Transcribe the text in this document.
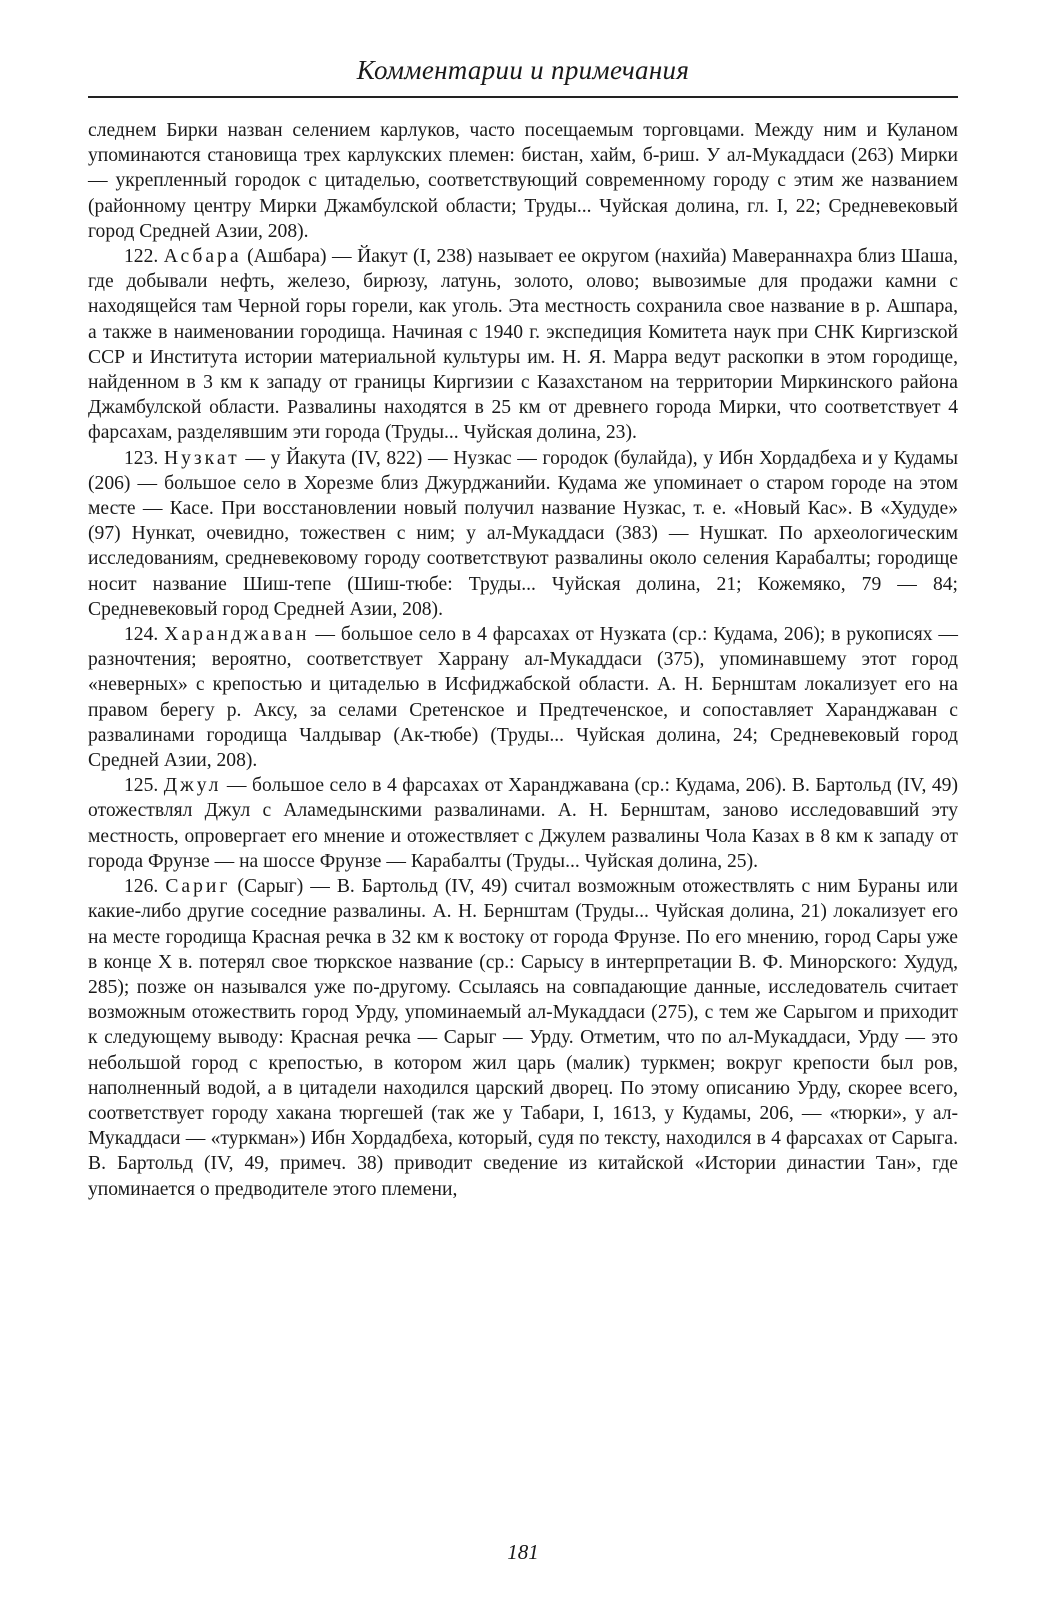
Комментарии и примечания

следнем Бирки назван селением карлуков, часто посещаемым торговцами. Между ним и Куланом упоминаются становища трех карлукских племен: бистан, хайм, б-риш. У ал-Мукаддаси (263) Мирки — укрепленный городок с цитаделью, соответствующий современному городу с этим же названием (районному центру Мирки Джамбулской области; Труды... Чуйская долина, гл. I, 22; Средневековый город Средней Азии, 208).

122. Асбара (Ашбара) — Йакут (I, 238) называет ее округом (нахийа) Мавераннахра близ Шаша, где добывали нефть, железо, бирюзу, латунь, золото, олово; вывозимые для продажи камни с находящейся там Черной горы горели, как уголь. Эта местность сохранила свое название в р. Ашпара, а также в наименовании городища. Начиная с 1940 г. экспедиция Комитета наук при СНК Киргизской ССР и Института истории материальной культуры им. Н. Я. Марра ведут раскопки в этом городище, найденном в 3 км к западу от границы Киргизии с Казахстаном на территории Миркинского района Джамбулской области. Развалины находятся в 25 км от древнего города Мирки, что соответствует 4 фарсахам, разделявшим эти города (Труды... Чуйская долина, 23).

123. Нузкат — у Йакута (IV, 822) — Нузкас — городок (булайда), у Ибн Хордадбеха и у Кудамы (206) — большое село в Хорезме близ Джурджанийи. Кудама же упоминает о старом городе на этом месте — Касе. При восстановлении новый получил название Нузкас, т. е. «Новый Кас». В «Худуде» (97) Нункат, очевидно, тожествен с ним; у ал-Мукаддаси (383) — Нушкат. По археологическим исследованиям, средневековому городу соответствуют развалины около селения Карабалты; городище носит название Шиш-тепе (Шиш-тюбе: Труды... Чуйская долина, 21; Кожемяко, 79 — 84; Средневековый город Средней Азии, 208).

124. Харанджаван — большое село в 4 фарсахах от Нузката (ср.: Кудама, 206); в рукописях — разночтения; вероятно, соответствует Харрану ал-Мукаддаси (375), упоминавшему этот город «неверных» с крепостью и цитаделью в Исфиджабской области. А. Н. Бернштам локализует его на правом берегу р. Аксу, за селами Сретенское и Предтеченское, и сопоставляет Харанджаван с развалинами городища Чалдывар (Ак-тюбе) (Труды... Чуйская долина, 24; Средневековый город Средней Азии, 208).

125. Джул — большое село в 4 фарсахах от Харанджавана (ср.: Кудама, 206). В. Бартольд (IV, 49) отожествлял Джул с Аламедынскими развалинами. А. Н. Бернштам, заново исследовавший эту местность, опровергает его мнение и отожествляет с Джулем развалины Чола Казах в 8 км к западу от города Фрунзе — на шоссе Фрунзе — Карабалты (Труды... Чуйская долина, 25).

126. Сариг (Сарыг) — В. Бартольд (IV, 49) считал возможным отожествлять с ним Бураны или какие-либо другие соседние развалины. А. Н. Бернштам (Труды... Чуйская долина, 21) локализует его на месте городища Красная речка в 32 км к востоку от города Фрунзе. По его мнению, город Сары уже в конце X в. потерял свое тюркское название (ср.: Сарысу в интерпретации В. Ф. Минорского: Худуд, 285); позже он назывался уже по-другому. Ссылаясь на совпадающие данные, исследователь считает возможным отожествить город Урду, упоминаемый ал-Мукаддаси (275), с тем же Сарыгом и приходит к следующему выводу: Красная речка — Сарыг — Урду. Отметим, что по ал-Мукаддаси, Урду — это небольшой город с крепостью, в котором жил царь (малик) туркмен; вокруг крепости был ров, наполненный водой, а в цитадели находился царский дворец. По этому описанию Урду, скорее всего, соответствует городу хакана тюргешей (так же у Табари, I, 1613, у Кудамы, 206, — «тюрки», у ал-Мукаддаси — «туркман») Ибн Хордадбеха, который, судя по тексту, находился в 4 фарсахах от Сарыга. В. Бартольд (IV, 49, примеч. 38) приводит сведение из китайской «Истории династии Тан», где упоминается о предводителе этого племени,

181
